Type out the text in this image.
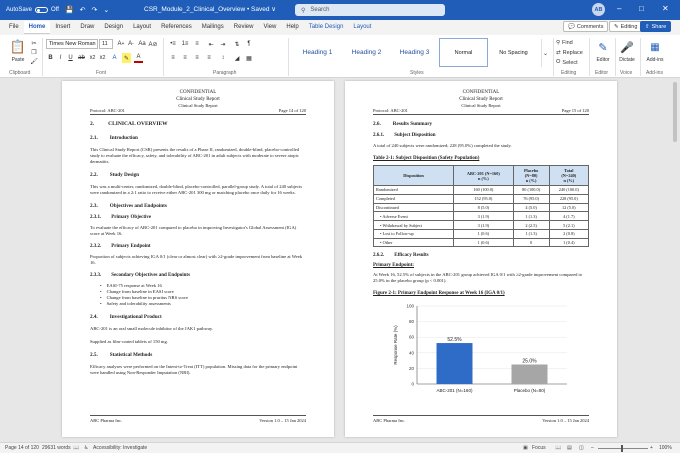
AutoSave	Off 💾 ↶ ↷ ⌄	CSR_Module_2_Clinical_Overview • Saved ∨	⚲ Search	AB	– □ ✕
File	Home	Insert	Draw	Design	Layout	References	Mailings	Review	View	Help	Table Design	Layout	💬 Comments ✎ Editing ⇧ Share
📋
Paste
✂
❐
🖌
Clipboard
Times New Roman	11	A + A - Aa A⊘
B	I	U ab x 2 x 2	A	✎	A
Font
•≡ 1≡	≡	⇤	⇥	⇅	¶
≡	≡	≡	≡	↕	◢	▦
Paragraph
Heading 1	Heading 2	Heading 3	Normal	No Spacing	⌄
Styles
⚲ Find
⇄ Replace
⭘ Select
Editing
✎
Editor
Editor
🎤
Dictate
Voice
▦
Add-ins
Add-ins
CONFIDENTIAL
Clinical Study Report
Clinical Study Report
Protocol: ABC-201	Page 14 of 120
2.	CLINICAL OVERVIEW
2.1. Introduction
This Clinical Study Report (CSR) presents the results of a Phase II, randomized, double-blind, placebo-controlled study to evaluate the efficacy, safety, and tolerability of ABC-201 in adult subjects with moderate to severe atopic dermatitis.
2.2. Study Design
This was a multi-center, randomized, double-blind, placebo-controlled, parallel-group study. A total of 240 subjects were randomized in a 2:1 ratio to receive either ABC-201 300 mg or matching placebo once daily for 16 weeks.
2.3. Objectives and Endpoints
2.3.1. Primary Objective
To evaluate the efficacy of ABC-201 compared to placebo in improving Investigator's Global Assessment (IGA) score at Week 16.
2.3.2. Primary Endpoint
Proportion of subjects achieving IGA 0/1 (clear or almost clear) with ≥2-grade improvement from baseline at Week 16.
2.3.3. Secondary Objectives and Endpoints
• EASI-75 response at Week 16
• Change from baseline in EASI score
• Change from baseline in pruritus NRS score
• Safety and tolerability assessments
2.4. Investigational Product
ABC-201 is an oral small molecule inhibitor of the JAK1 pathway.
Supplied as film-coated tablets of 150 mg.
2.5. Statistical Methods
Efficacy analyses were performed on the Intent-to-Treat (ITT) population. Missing data for the primary endpoint were handled using Non-Responder Imputation (NRI).
ABC Pharma Inc.	Version 1.0 – 15 Jan 2024
CONFIDENTIAL
Clinical Study Report
Clinical Study Report
Protocol: ABC-201	Page 15 of 120
2.6. Results Summary
2.6.1. Subject Disposition
A total of 240 subjects were randomized; 228 (95.0%) completed the study.
Table 2-1: Subject Disposition (Safety Population)
Disposition	ABC-201 (N=160)
n (%)	Placebo
(N=80)
n (%)	Total
(N=240)
n (%)
Randomized	160 (100.0)	80 (100.0)	240 (100.0)
Completed	152 (95.0)	76 (95.0)	228 (95.0)
Discontinued	8 (5.0)	4 (5.0)	12 (5.0)
• Adverse Event	3 (1.9)	1 (1.3)	4 (1.7)
• Withdrawal by Subject	3 (1.9)	2 (2.5)	5 (2.1)
• Lost to Follow-up	1 (0.6)	1 (1.3)	2 (0.8)
• Other	1 (0.6)	0	1 (0.4)
2.6.2. Efficacy Results
Primary Endpoint:
At Week 16, 52.5% of subjects in the ABC-201 group achieved IGA 0/1 with ≥2-grade improvement compared to 25.0% in the placebo group (p < 0.001).
Figure 2-1: Primary Endpoint Response at Week 16 (IGA 0/1)
0
20
40
60
80
100
52.5%
ABC-201 (N=160)
25.0%
Placebo (N=80)
Response Rate (%)
ABC Pharma Inc.	Version 1.0 – 15 Jan 2024
Page 14 of 120 29631 words 📖 ♿ Accessibility: Investigate	▣ Focus 📖 ▤ ◫ –	+ 100%
